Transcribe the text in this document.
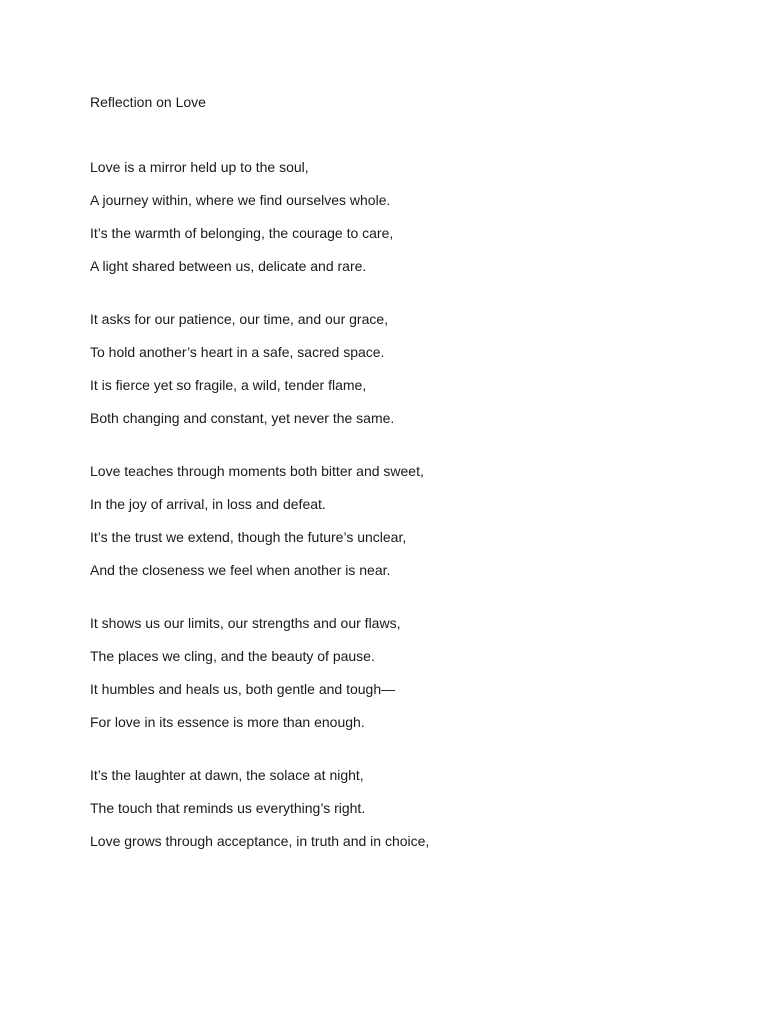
Reflection on Love

Love is a mirror held up to the soul,

A journey within, where we find ourselves whole.

It’s the warmth of belonging, the courage to care,

A light shared between us, delicate and rare.

It asks for our patience, our time, and our grace,

To hold another’s heart in a safe, sacred space.

It is fierce yet so fragile, a wild, tender flame,

Both changing and constant, yet never the same.

Love teaches through moments both bitter and sweet,

In the joy of arrival, in loss and defeat.

It’s the trust we extend, though the future’s unclear,

And the closeness we feel when another is near.

It shows us our limits, our strengths and our flaws,

The places we cling, and the beauty of pause.

It humbles and heals us, both gentle and tough—

For love in its essence is more than enough.

It’s the laughter at dawn, the solace at night,

The touch that reminds us everything’s right.

Love grows through acceptance, in truth and in choice,
